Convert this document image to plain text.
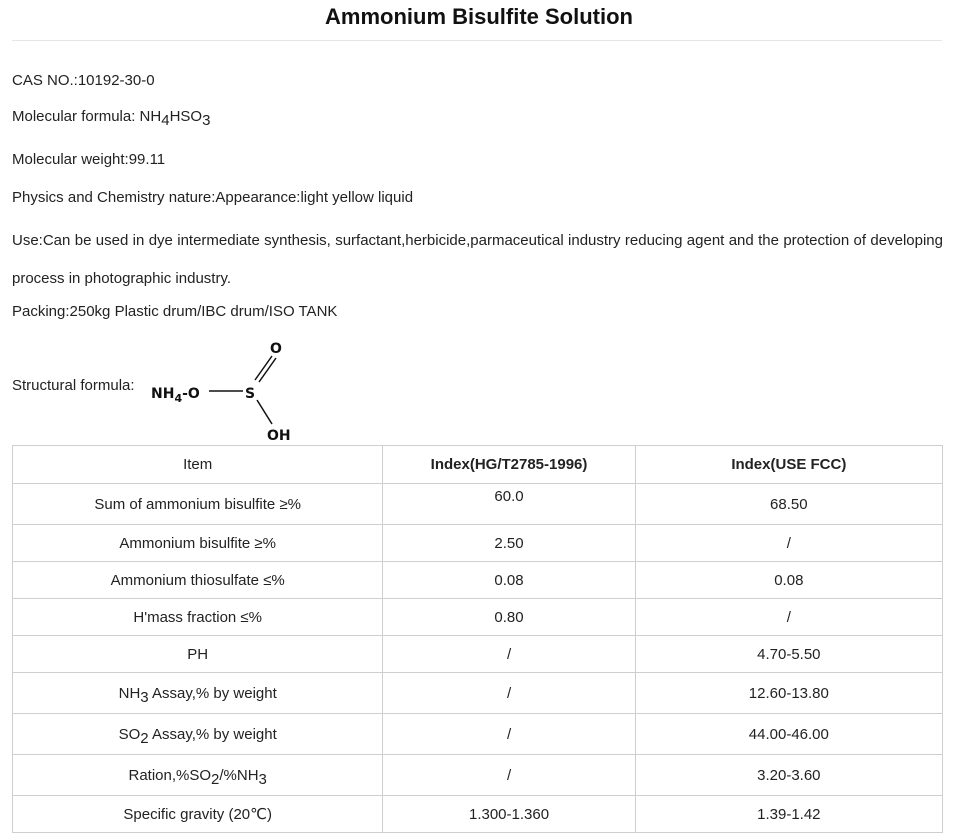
Ammonium Bisulfite Solution
CAS NO.:10192-30-0
Molecular formula: NH4HSO3
Molecular weight:99.11
Physics and Chemistry nature:Appearance:light yellow liquid
Use:Can be used in dye intermediate synthesis, surfactant,herbicide,parmaceutical industry reducing agent and the protection of developing process in photographic industry.
Packing:250kg Plastic drum/IBC drum/ISO TANK
Structural formula: $NH_4-O$	S
O
OH
Item	Index(HG/T2785-1996)	Index(USE FCC)
Sum of ammonium bisulfite ≥%	60.0	68.50
Ammonium bisulfite ≥%	2.50	/
Ammonium thiosulfate ≤%	0.08	0.08
H'mass fraction ≤%	0.80	/
PH	/	4.70-5.50
NH3 Assay,% by weight	/	12.60-13.80
SO2 Assay,% by weight	/	44.00-46.00
Ration,%SO2/%NH3	/	3.20-3.60
Specific gravity (20℃)	1.300-1.360	1.39-1.42
